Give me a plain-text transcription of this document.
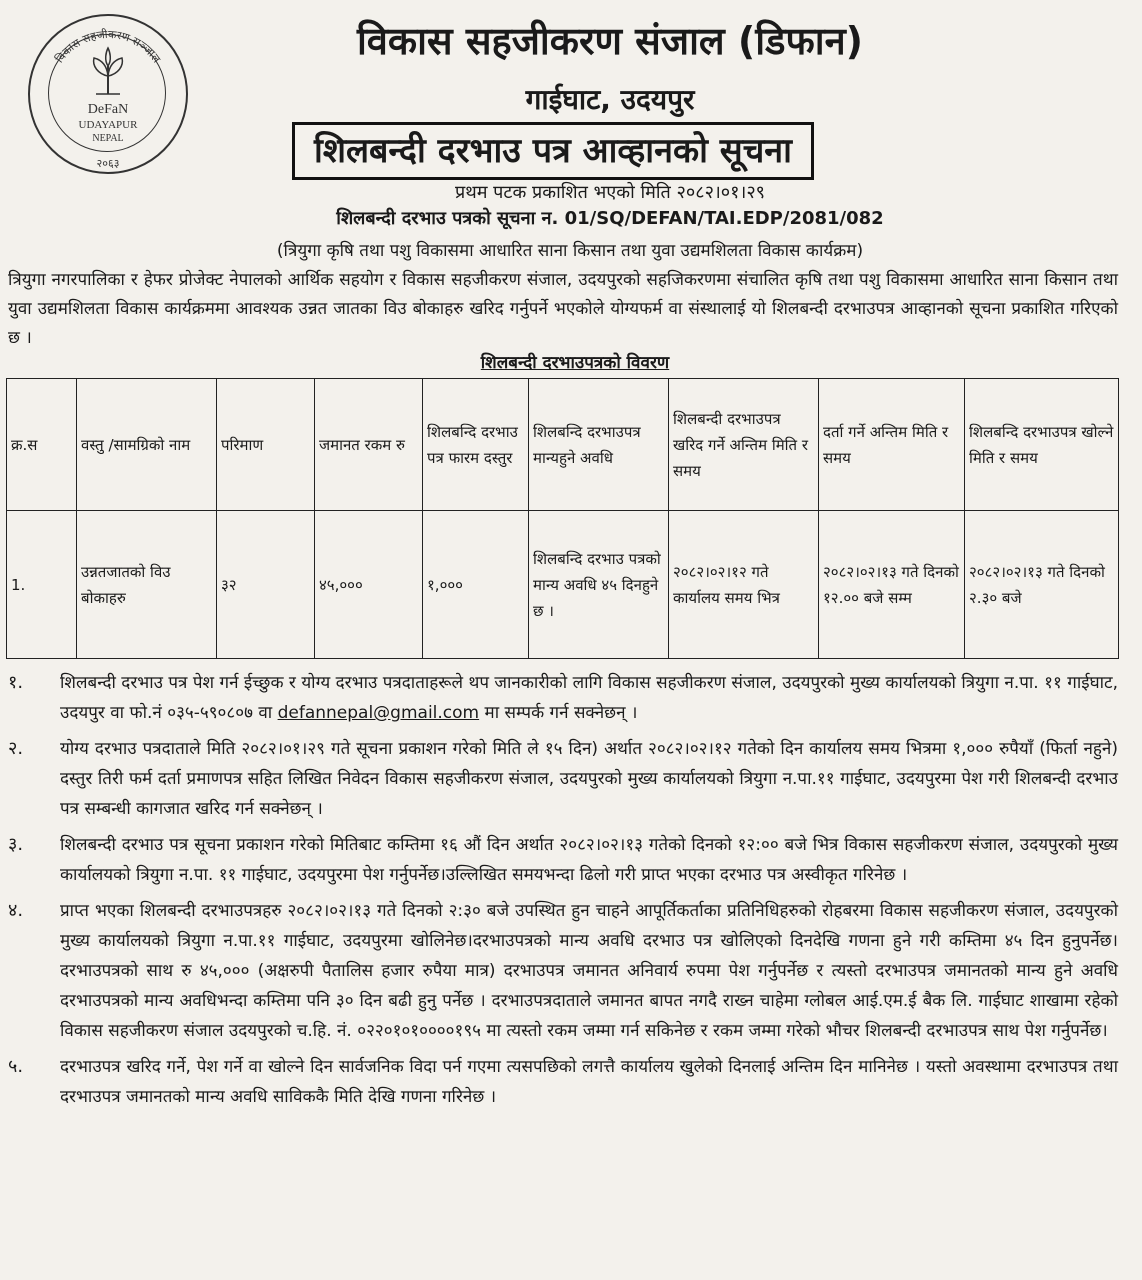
विकास सहजीकरण सञ्जाल
DeFaN
UDAYAPUR
NEPAL
२०६३
विकास सहजीकरण संजाल (डिफान)
गाईघाट, उदयपुर
शिलबन्दी दरभाउ पत्र आव्हानको सूचना
प्रथम पटक प्रकाशित भएको मिति २०८२।०१।२९
शिलबन्दी दरभाउ पत्रको सूचना न. 01/SQ/DEFAN/TAI.EDP/2081/082
(त्रियुगा कृषि तथा पशु विकासमा आधारित साना किसान तथा युवा उद्यमशिलता विकास कार्यक्रम)
त्रियुगा नगरपालिका र हेफर प्रोजेक्ट नेपालको आर्थिक सहयोग र विकास सहजीकरण संजाल, उदयपुरको सहजिकरणमा संचालित कृषि तथा पशु विकासमा आधारित साना किसान तथा युवा उद्यमशिलता विकास कार्यक्रममा आवश्यक उन्नत जातका विउ बोकाहरु खरिद गर्नुपर्ने भएकोले योग्यफर्म वा संस्थालाई यो शिलबन्दी दरभाउपत्र आव्हानको सूचना प्रकाशित गरिएको छ ।
शिलबन्दी दरभाउपत्रको विवरण
क्र.स	वस्तु /सामग्रिको नाम	परिमाण	जमानत रकम रु	शिलबन्दि दरभाउ पत्र फारम दस्तुर	शिलबन्दि दरभाउपत्र मान्यहुने अवधि	शिलबन्दी दरभाउपत्र खरिद गर्ने अन्तिम मिति र समय	दर्ता गर्ने अन्तिम मिति र समय	शिलबन्दि दरभाउपत्र खोल्ने मिति र समय
1.	उन्नतजातको विउ बोकाहरु	३२	४५,०००	१,०००	शिलबन्दि दरभाउ पत्रको मान्य अवधि ४५ दिनहुने छ ।	२०८२।०२।१२ गते कार्यालय समय भित्र	२०८२।०२।१३ गते दिनको १२.०० बजे सम्म	२०८२।०२।१३ गते दिनको २.३० बजे
१.	शिलबन्दी दरभाउ पत्र पेश गर्न ईच्छुक र योग्य दरभाउ पत्रदाताहरूले थप जानकारीको लागि विकास सहजीकरण संजाल, उदयपुरको मुख्य कार्यालयको त्रियुगा न.पा. ११ गाईघाट, उदयपुर वा फो.नं ०३५-५९०८०७ वा defannepal@gmail.com मा सम्पर्क गर्न सक्नेछन् ।
२.	योग्य दरभाउ पत्रदाताले मिति २०८२।०१।२९ गते सूचना प्रकाशन गरेको मिति ले १५ दिन) अर्थात २०८२।०२।१२ गतेको दिन कार्यालय समय भित्रमा १,००० रुपैयाँ (फिर्ता नहुने) दस्तुर तिरी फर्म दर्ता प्रमाणपत्र सहित लिखित निवेदन विकास सहजीकरण संजाल, उदयपुरको मुख्य कार्यालयको त्रियुगा न.पा.११ गाईघाट, उदयपुरमा पेश गरी शिलबन्दी दरभाउ पत्र सम्बन्धी कागजात खरिद गर्न सक्नेछन् ।
३.	शिलबन्दी दरभाउ पत्र सूचना प्रकाशन गरेको मितिबाट कम्तिमा १६ औं दिन अर्थात २०८२।०२।१३ गतेको दिनको १२:०० बजे भित्र विकास सहजीकरण संजाल, उदयपुरको मुख्य कार्यालयको त्रियुगा न.पा. ११ गाईघाट, उदयपुरमा पेश गर्नुपर्नेछ।उल्लिखित समयभन्दा ढिलो गरी प्राप्त भएका दरभाउ पत्र अस्वीकृत गरिनेछ ।
४.	प्राप्त भएका शिलबन्दी दरभाउपत्रहरु २०८२।०२।१३ गते दिनको २:३० बजे उपस्थित हुन चाहने आपूर्तिकर्ताका प्रतिनिधिहरुको रोहबरमा विकास सहजीकरण संजाल, उदयपुरको मुख्य कार्यालयको त्रियुगा न.पा.११ गाईघाट, उदयपुरमा खोलिनेछ।दरभाउपत्रको मान्य अवधि दरभाउ पत्र खोलिएको दिनदेखि गणना हुने गरी कम्तिमा ४५ दिन हुनुपर्नेछ। दरभाउपत्रको साथ रु ४५,००० (अक्षरुपी पैतालिस हजार रुपैया मात्र) दरभाउपत्र जमानत अनिवार्य रुपमा पेश गर्नुपर्नेछ र त्यस्तो दरभाउपत्र जमानतको मान्य हुने अवधि दरभाउपत्रको मान्य अवधिभन्दा कम्तिमा पनि ३० दिन बढी हुनु पर्नेछ । दरभाउपत्रदाताले जमानत बापत नगदै राख्न चाहेमा ग्लोबल आई.एम.ई बैक लि. गाईघाट शाखामा रहेको विकास सहजीकरण संजाल उदयपुरको च.हि. नं. ०२२०१०१००००१९५ मा त्यस्तो रकम जम्मा गर्न सकिनेछ र रकम जम्मा गरेको भौचर शिलबन्दी दरभाउपत्र साथ पेश गर्नुपर्नेछ।
५.	दरभाउपत्र खरिद गर्ने, पेश गर्ने वा खोल्ने दिन सार्वजनिक विदा पर्न गएमा त्यसपछिको लगत्तै कार्यालय खुलेको दिनलाई अन्तिम दिन मानिनेछ । यस्तो अवस्थामा दरभाउपत्र तथा दरभाउपत्र जमानतको मान्य अवधि साविककै मिति देखि गणना गरिनेछ ।
